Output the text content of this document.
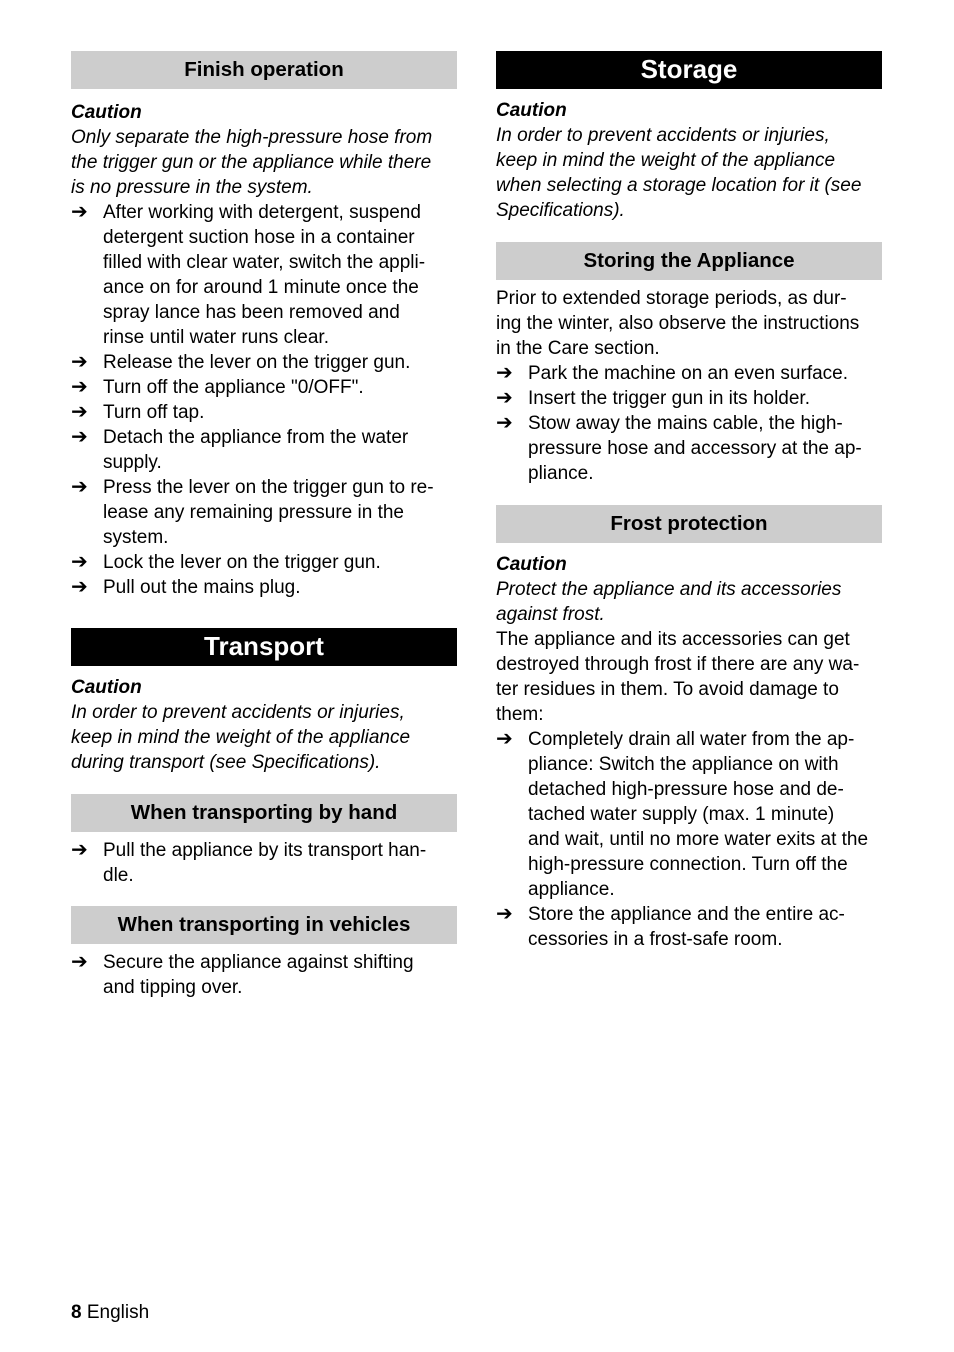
Finish operation
Caution
Only separate the high-pressure hose from
the trigger gun or the appliance while there
is no pressure in the system.
➔ After working with detergent, suspend
detergent suction hose in a container
filled with clear water, switch the appli-
ance on for around 1 minute once the
spray lance has been removed and
rinse until water runs clear.
➔ Release the lever on the trigger gun.
➔ Turn off the appliance "0/OFF".
➔ Turn off tap.
➔ Detach the appliance from the water
supply.
➔ Press the lever on the trigger gun to re-
lease any remaining pressure in the
system.
➔ Lock the lever on the trigger gun.
➔ Pull out the mains plug.
Transport
Caution
In order to prevent accidents or injuries,
keep in mind the weight of the appliance
during transport (see Specifications).
When transporting by hand
➔ Pull the appliance by its transport han-
dle.
When transporting in vehicles
➔ Secure the appliance against shifting
and tipping over.
Storage
Caution
In order to prevent accidents or injuries,
keep in mind the weight of the appliance
when selecting a storage location for it (see
Specifications).
Storing the Appliance
Prior to extended storage periods, as dur-
ing the winter, also observe the instructions
in the Care section.
➔ Park the machine on an even surface.
➔ Insert the trigger gun in its holder.
➔ Stow away the mains cable, the high-
pressure hose and accessory at the ap-
pliance.
Frost protection
Caution
Protect the appliance and its accessories
against frost.
The appliance and its accessories can get
destroyed through frost if there are any wa-
ter residues in them. To avoid damage to
them:
➔ Completely drain all water from the ap-
pliance: Switch the appliance on with
detached high-pressure hose and de-
tached water supply (max. 1 minute)
and wait, until no more water exits at the
high-pressure connection. Turn off the
appliance.
➔ Store the appliance and the entire ac-
cessories in a frost-safe room.
8 English
